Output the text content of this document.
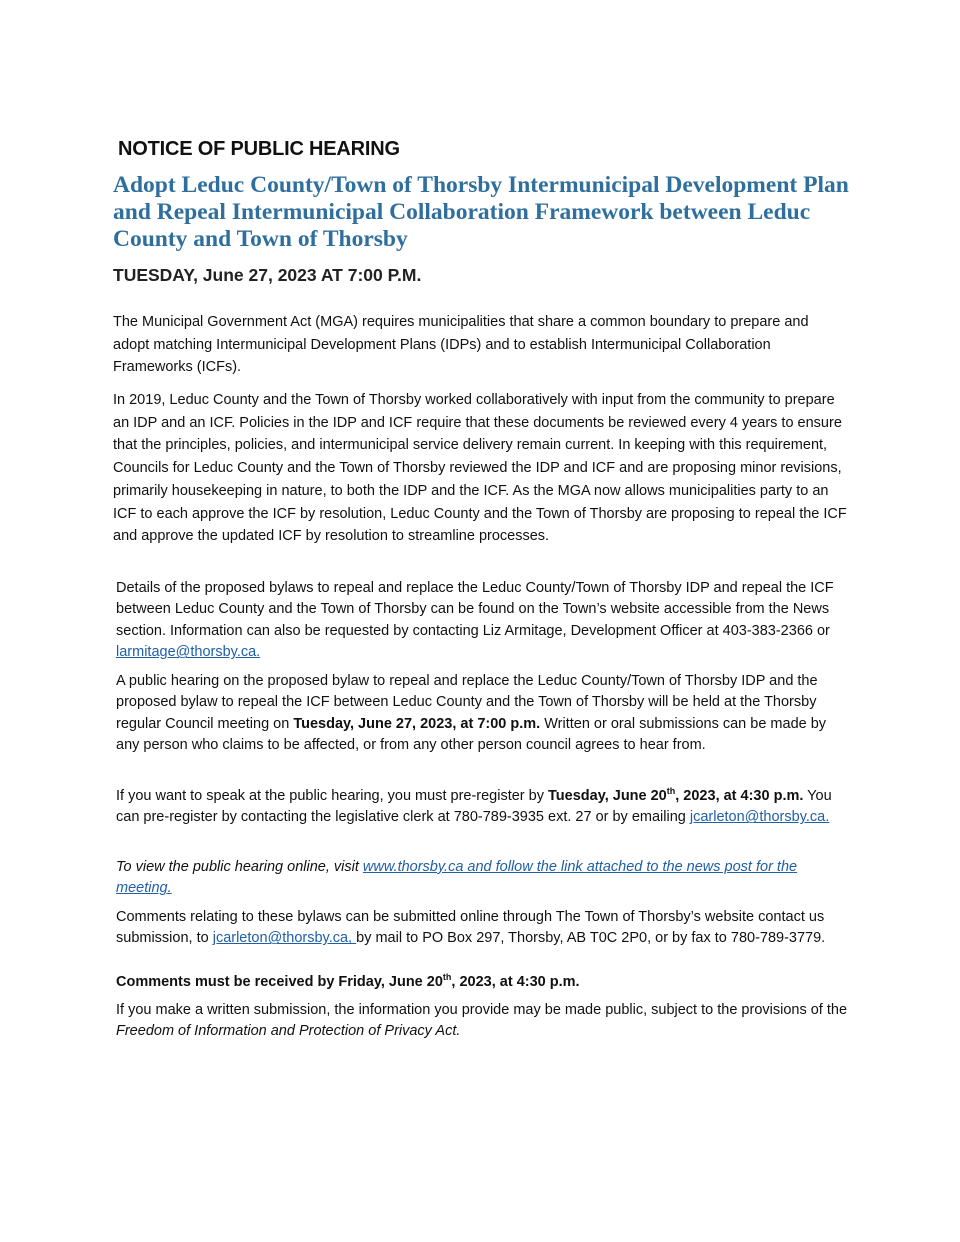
NOTICE OF PUBLIC HEARING
Adopt Leduc County/Town of Thorsby Intermunicipal Development Plan and Repeal Intermunicipal Collaboration Framework between Leduc County and Town of Thorsby
TUESDAY, June 27, 2023 AT 7:00 P.M.

The Municipal Government Act (MGA) requires municipalities that share a common boundary to prepare and adopt matching Intermunicipal Development Plans (IDPs) and to establish Intermunicipal Collaboration Frameworks (ICFs).

In 2019, Leduc County and the Town of Thorsby worked collaboratively with input from the community to prepare an IDP and an ICF. Policies in the IDP and ICF require that these documents be reviewed every 4 years to ensure that the principles, policies, and intermunicipal service delivery remain current. In keeping with this requirement, Councils for Leduc County and the Town of Thorsby reviewed the IDP and ICF and are proposing minor revisions, primarily housekeeping in nature, to both the IDP and the ICF. As the MGA now allows municipalities party to an ICF to each approve the ICF by resolution, Leduc County and the Town of Thorsby are proposing to repeal the ICF and approve the updated ICF by resolution to streamline processes.

Details of the proposed bylaws to repeal and replace the Leduc County/Town of Thorsby IDP and repeal the ICF between Leduc County and the Town of Thorsby can be found on the Town’s website accessible from the News section. Information can also be requested by contacting Liz Armitage, Development Officer at 403-383-2366 or larmitage@thorsby.ca.

A public hearing on the proposed bylaw to repeal and replace the Leduc County/Town of Thorsby IDP and the proposed bylaw to repeal the ICF between Leduc County and the Town of Thorsby will be held at the Thorsby regular Council meeting on Tuesday, June 27, 2023, at 7:00 p.m. Written or oral submissions can be made by any person who claims to be affected, or from any other person council agrees to hear from.

If you want to speak at the public hearing, you must pre-register by Tuesday, June 20th, 2023, at 4:30 p.m. You can pre-register by contacting the legislative clerk at 780-789-3935 ext. 27 or by emailing jcarleton@thorsby.ca.

To view the public hearing online, visit www.thorsby.ca and follow the link attached to the news post for the meeting.

Comments relating to these bylaws can be submitted online through The Town of Thorsby’s website contact us submission, to jcarleton@thorsby.ca, by mail to PO Box 297, Thorsby, AB T0C 2P0, or by fax to 780-789-3779.

Comments must be received by Friday, June 20th, 2023, at 4:30 p.m.

If you make a written submission, the information you provide may be made public, subject to the provisions of the Freedom of Information and Protection of Privacy Act.
